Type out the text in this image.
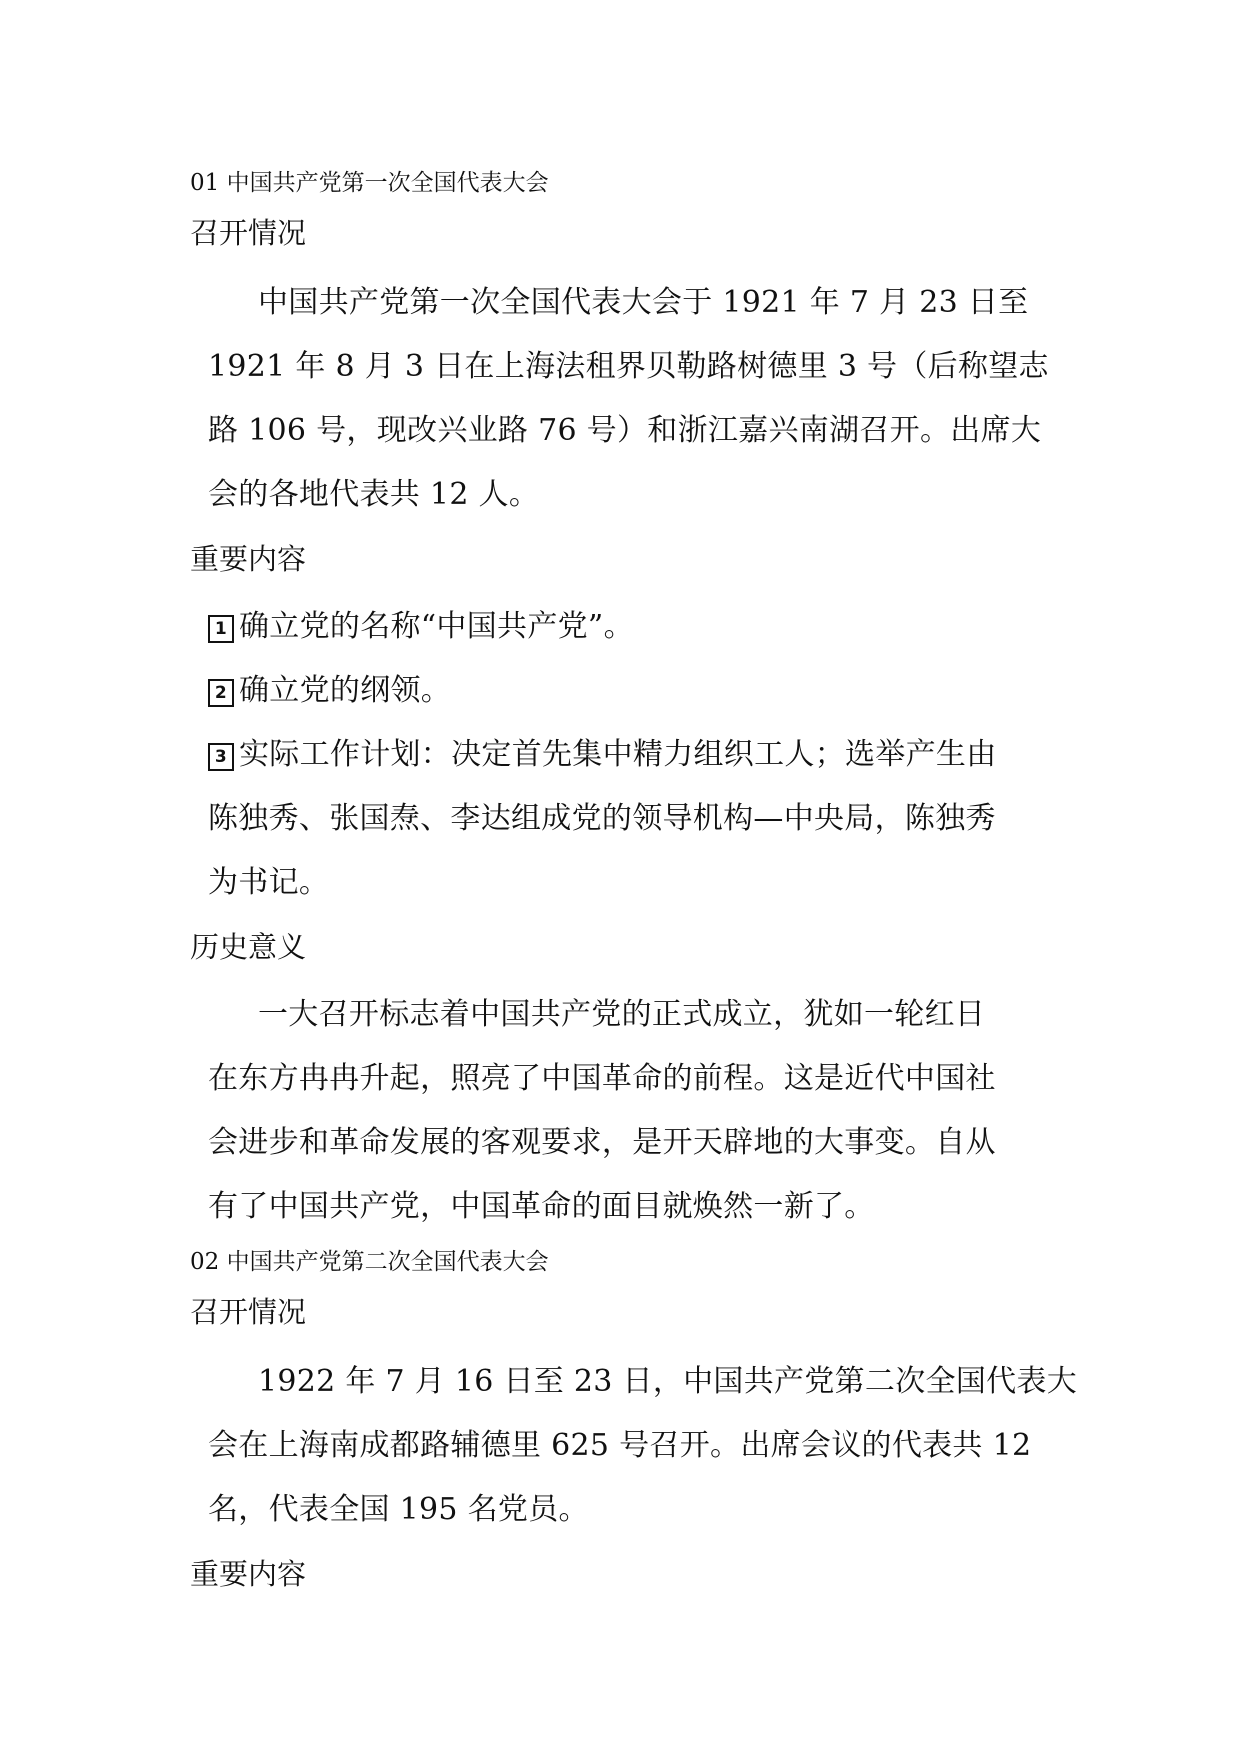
01 中国共产党第一次全国代表大会

召开情况

中国共产党第一次全国代表大会于 1921 年 7 月 23 日至

1921 年 8 月 3 日在上海法租界贝勒路树德里 3 号（后称望志

路 106 号，现改兴业路 76 号）和浙江嘉兴南湖召开。出席大

会的各地代表共 12 人。

重要内容

1 确立党的名称“中国共产党”。

2 确立党的纲领。

3 实际工作计划：决定首先集中精力组织工人；选举产生由

陈独秀、张国焘、李达组成党的领导机构—中央局，陈独秀

为书记。

历史意义

一大召开标志着中国共产党的正式成立，犹如一轮红日

在东方冉冉升起，照亮了中国革命的前程。这是近代中国社

会进步和革命发展的客观要求，是开天辟地的大事变。自从

有了中国共产党，中国革命的面目就焕然一新了。

02 中国共产党第二次全国代表大会

召开情况

1922 年 7 月 16 日至 23 日，中国共产党第二次全国代表大

会在上海南成都路辅德里 625 号召开。出席会议的代表共 12

名，代表全国 195 名党员。

重要内容
